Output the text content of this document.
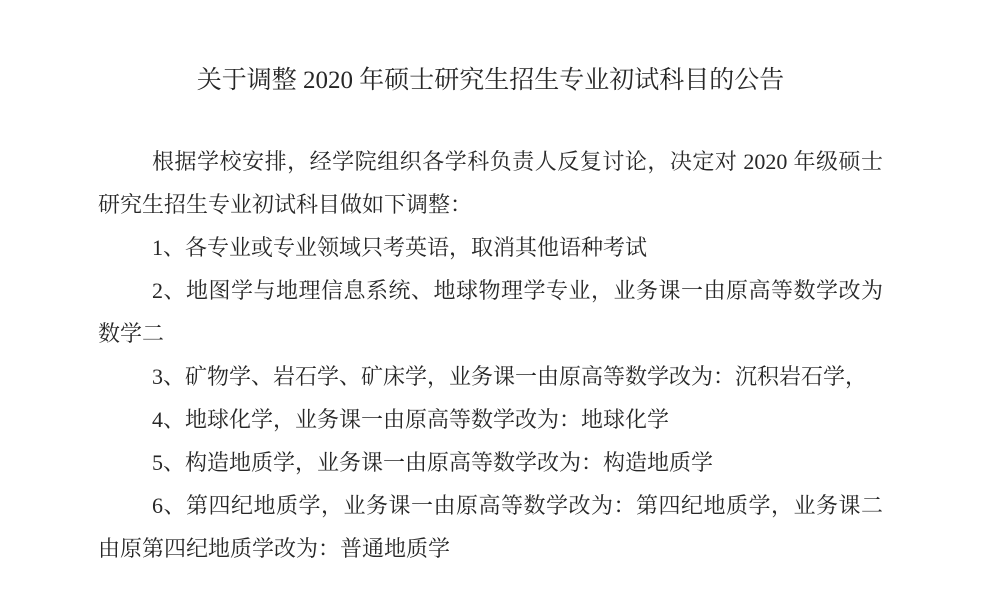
关于调整 2020 年硕士研究生招生专业初试科目的公告

根据学校安排，经学院组织各学科负责人反复讨论，决定对 2020 年级硕士研究生招生专业初试科目做如下调整：

1、各专业或专业领域只考英语，取消其他语种考试

2、地图学与地理信息系统、地球物理学专业，业务课一由原高等数学改为数学二

3、矿物学、岩石学、矿床学，业务课一由原高等数学改为：沉积岩石学，

4、地球化学，业务课一由原高等数学改为：地球化学

5、构造地质学，业务课一由原高等数学改为：构造地质学

6、第四纪地质学，业务课一由原高等数学改为：第四纪地质学，业务课二由原第四纪地质学改为：普通地质学
